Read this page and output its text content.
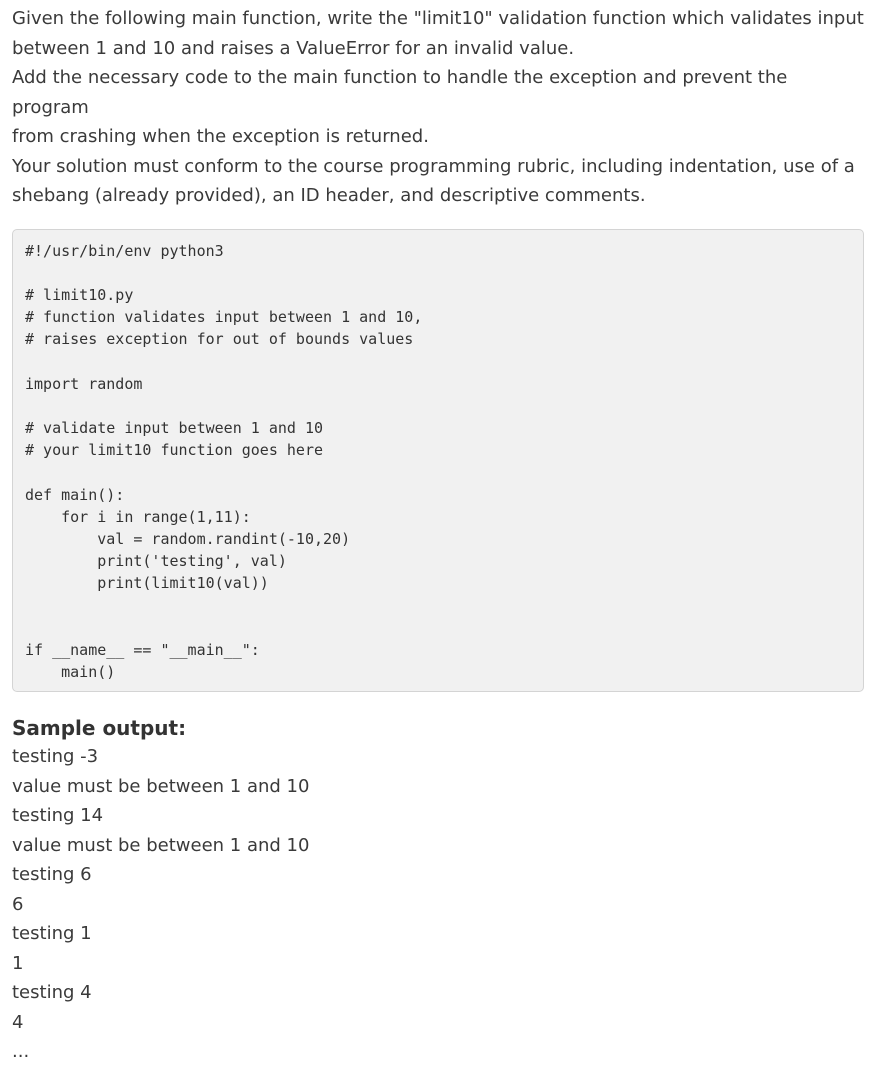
Given the following main function, write the "limit10" validation function which validates input

between 1 and 10 and raises a ValueError for an invalid value.

Add the necessary code to the main function to handle the exception and prevent the program

from crashing when the exception is returned.

Your solution must conform to the course programming rubric, including indentation, use of a

shebang (already provided), an ID header, and descriptive comments.

#!/usr/bin/env python3
# limit10.py
# function validates input between 1 and 10,
# raises exception for out of bounds values
import random
# validate input between 1 and 10
# your limit10 function goes here
def main():
for i in range(1,11):
val = random.randint(-10,20)
print('testing', val)
print(limit10(val))
if __name__ == "__main__":
main()
Sample output:
testing -3
value must be between 1 and 10
testing 14
value must be between 1 and 10
testing 6
6
testing 1
1
testing 4
4
...
